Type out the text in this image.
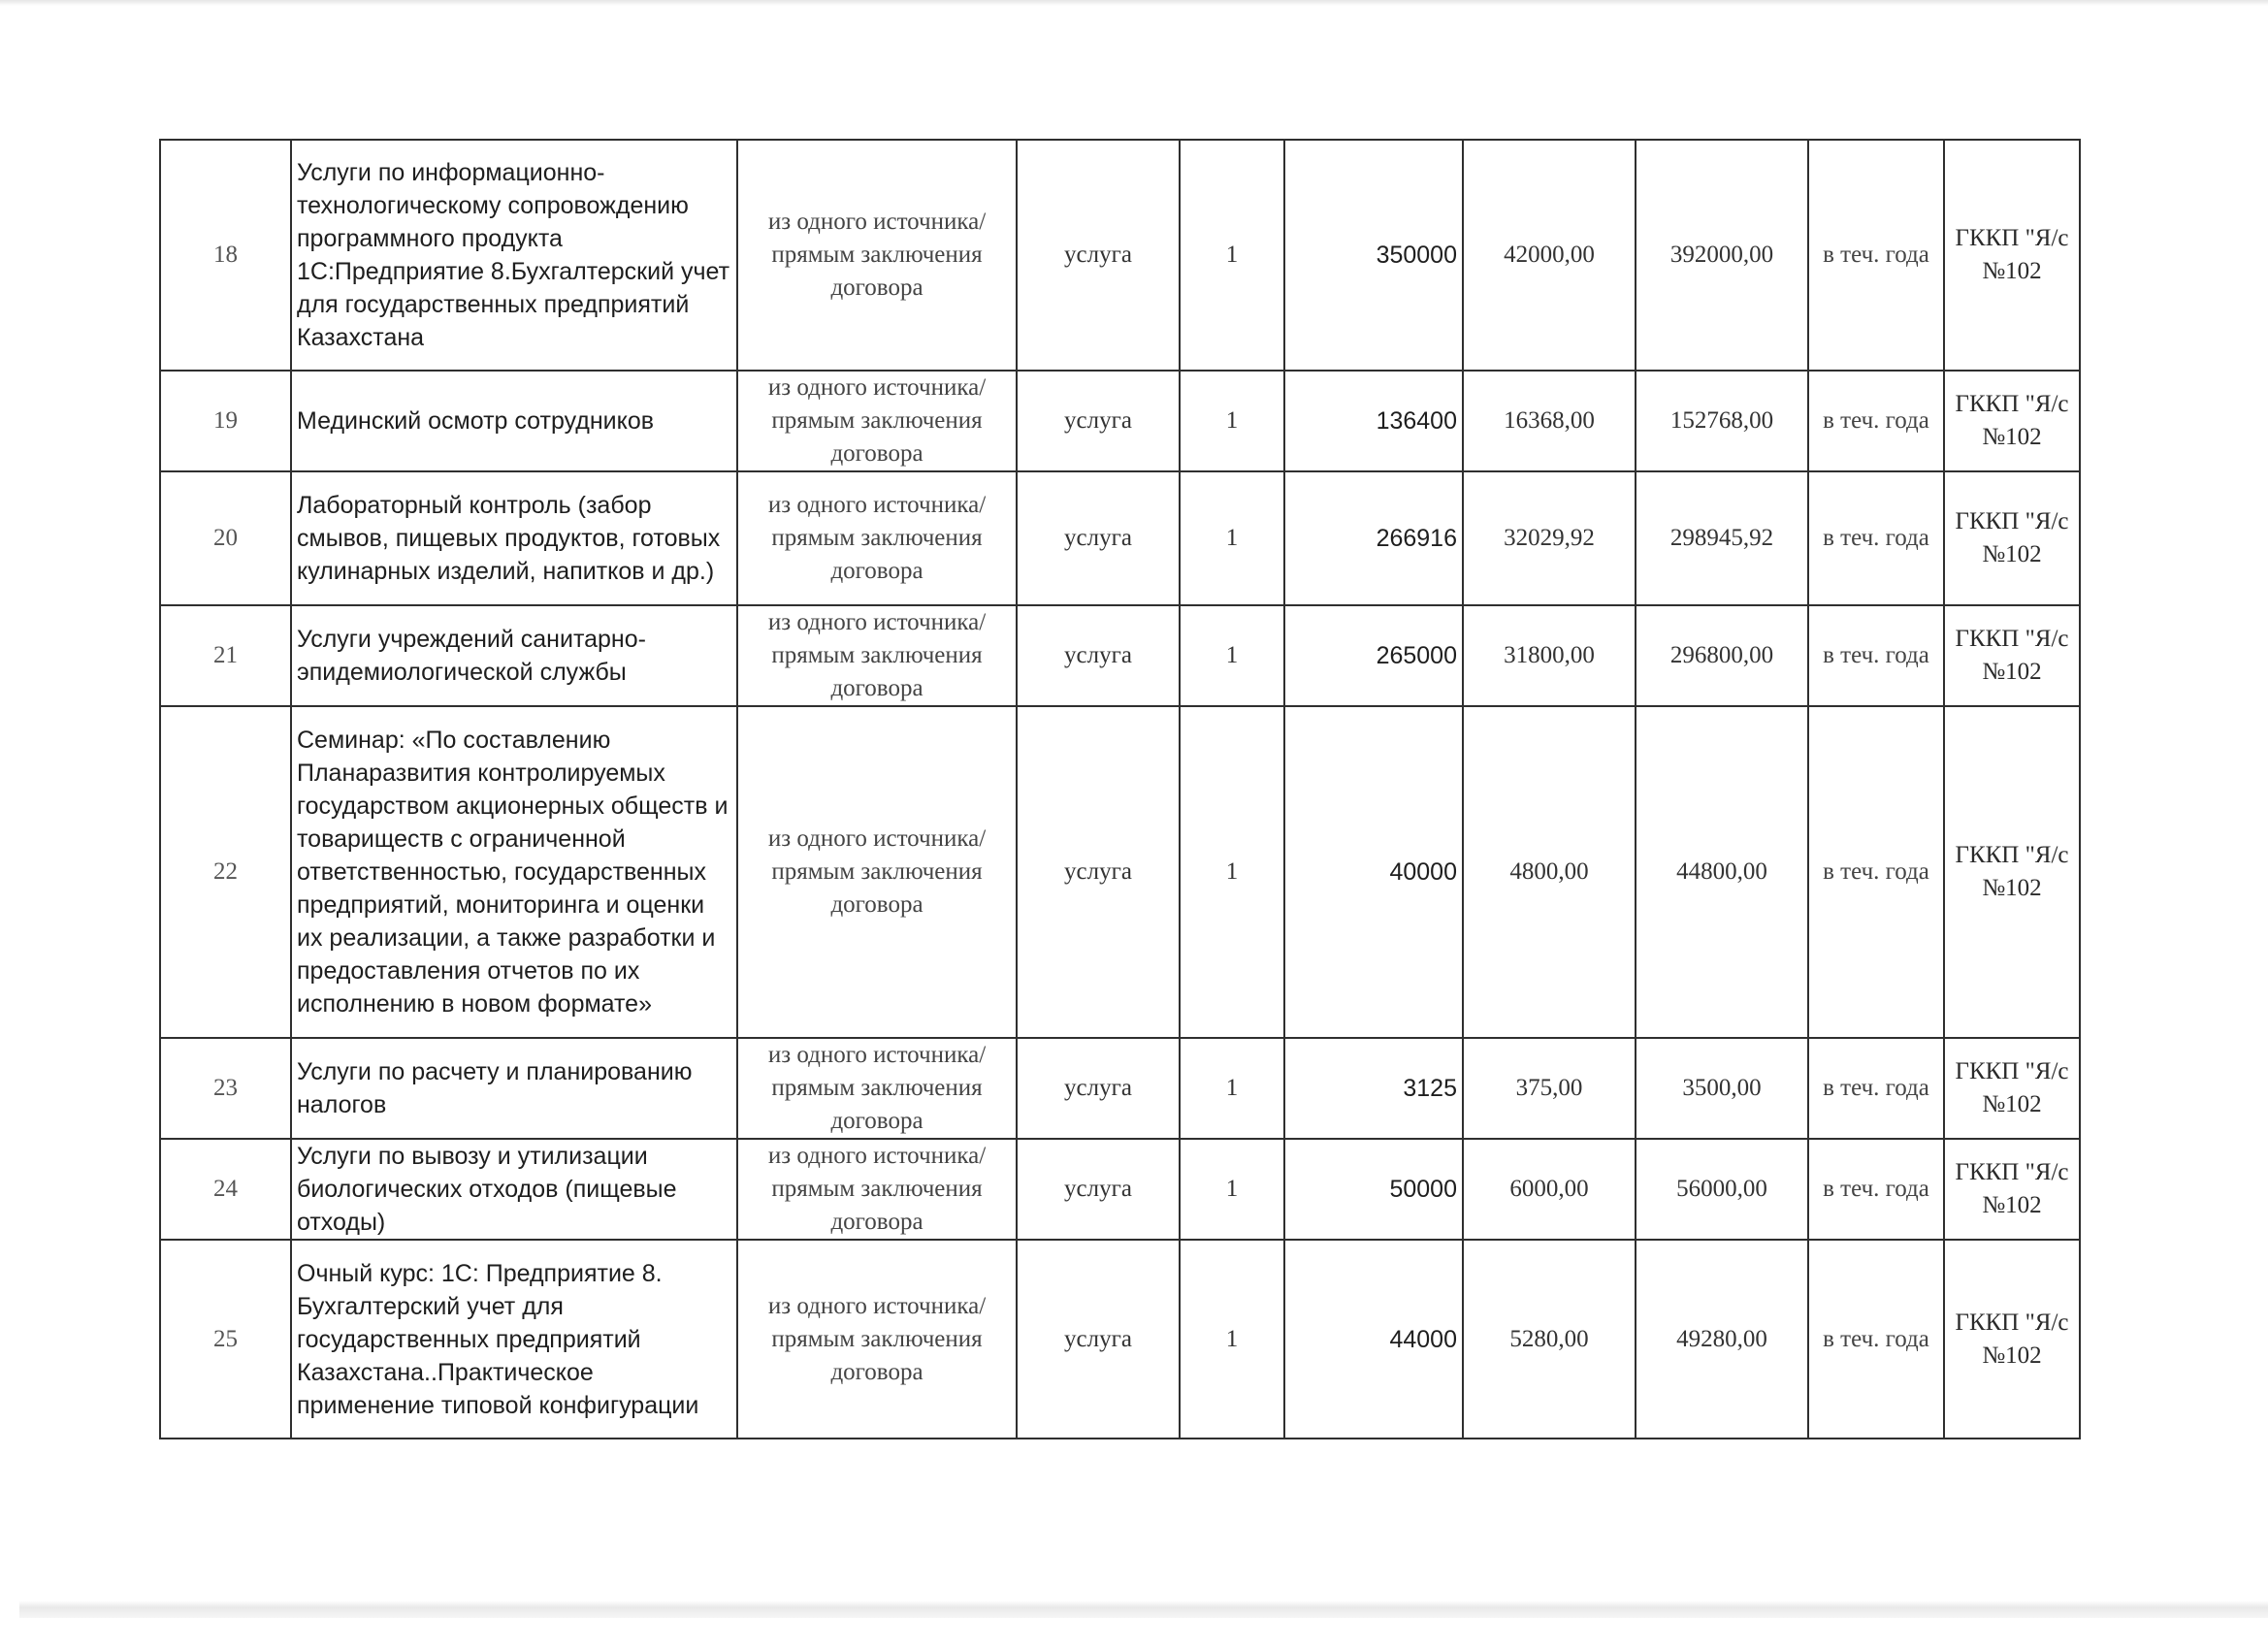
18	Услуги по информационно-технологическому сопровождению программного продукта 1С:Предприятие 8.Бухгалтерский учет для государственных предприятий Казахстана	из одного источника/ прямым заключения договора	услуга	1	350000	42000,00	392000,00	в теч. года	ГККП "Я/с №102
19	Мединский осмотр сотрудников	из одного источника/ прямым заключения договора	услуга	1	136400	16368,00	152768,00	в теч. года	ГККП "Я/с №102
20	Лабораторный контроль (забор смывов, пищевых продуктов, готовых кулинарных изделий, напитков и др.)	из одного источника/ прямым заключения договора	услуга	1	266916	32029,92	298945,92	в теч. года	ГККП "Я/с №102
21	Услуги учреждений санитарно-эпидемиологической службы	из одного источника/ прямым заключения договора	услуга	1	265000	31800,00	296800,00	в теч. года	ГККП "Я/с №102
22	Семинар: «По составлению Планаразвития контролируемых государством акционерных обществ и товариществ с ограниченной ответственностью, государственных предприятий, мониторинга и оценки их реализации, а также разработки и предоставления отчетов по их исполнению в новом формате»	из одного источника/ прямым заключения договора	услуга	1	40000	4800,00	44800,00	в теч. года	ГККП "Я/с №102
23	Услуги по расчету и планированию налогов	из одного источника/ прямым заключения договора	услуга	1	3125	375,00	3500,00	в теч. года	ГККП "Я/с №102
24	Услуги по вывозу и утилизации биологических отходов (пищевые отходы)	из одного источника/ прямым заключения договора	услуга	1	50000	6000,00	56000,00	в теч. года	ГККП "Я/с №102
25	Очный курс: 1С: Предприятие 8. Бухгалтерский учет для государственных предприятий Казахстана..Практическое применение типовой конфигурации	из одного источника/ прямым заключения договора	услуга	1	44000	5280,00	49280,00	в теч. года	ГККП "Я/с №102
